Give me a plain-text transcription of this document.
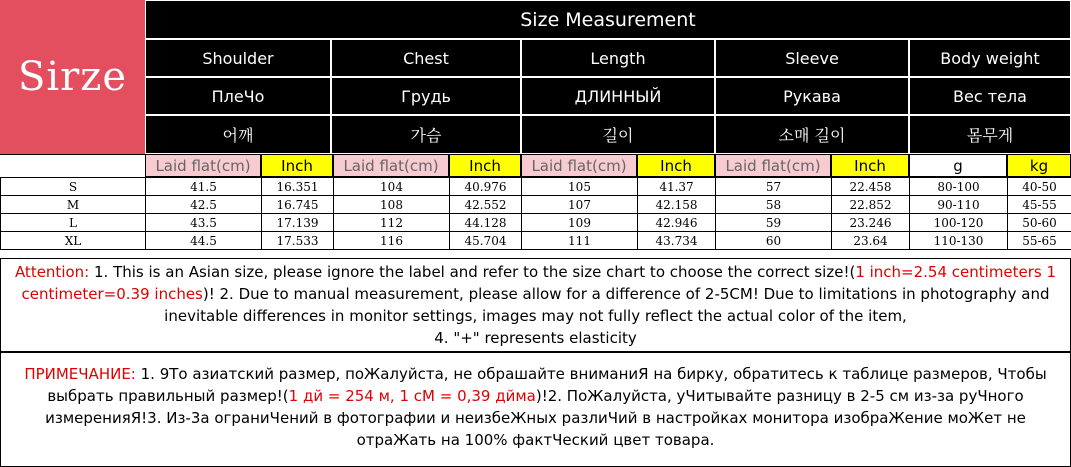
Sirze
Size Measurement
Shoulder	Chest	Length	Sleeve	Body weight
ПлеЧо	Грудь	ДЛИННЫЙ	Рукава	Вес тела
어깨	가슴	길이	소매 길이	몸무게
Laid flat(cm)	Inch	Laid flat(cm)	Inch	Laid flat(cm)	Inch	Laid flat(cm)	Inch	g	kg
S	41.5	16.351	104	40.976	105	41.37	57	22.458	80-100	40-50
M	42.5	16.745	108	42.552	107	42.158	58	22.852	90-110	45-55
L	43.5	17.139	112	44.128	109	42.946	59	23.246	100-120	50-60
XL	44.5	17.533	116	45.704	111	43.734	60	23.64	110-130	55-65
Attention: 1. This is an Asian size, please ignore the label and refer to the size chart to choose the correct size!(1 inch=2.54 centimeters 1 centimeter=0.39 inches)! 2. Due to manual measurement, please allow for a difference of 2-5CM! Due to limitations in photography and inevitable differences in monitor settings, images may not fully reflect the actual color of the item,
4. "+" represents elasticity
ПРИМЕЧАНИЕ: 1. 9То азиатский размер, поЖалуйста, не обрашайте вниманиЯ на бирку, обратитесь к таблице размеров, Чтобы выбрать правильный размер!(1 дй = 254 м, 1 сМ = 0,39 дйма)!2. ПоЖалуйста, уЧитывайте разницу в 2-5 см из-за руЧного измеренияЯ!3. Из-3а ограниЧений в фотографии и неизбеЖных разлиЧий в настройках монитора изобраЖение моЖет не отраЖать на 100% фактЧеский цвет товара.
